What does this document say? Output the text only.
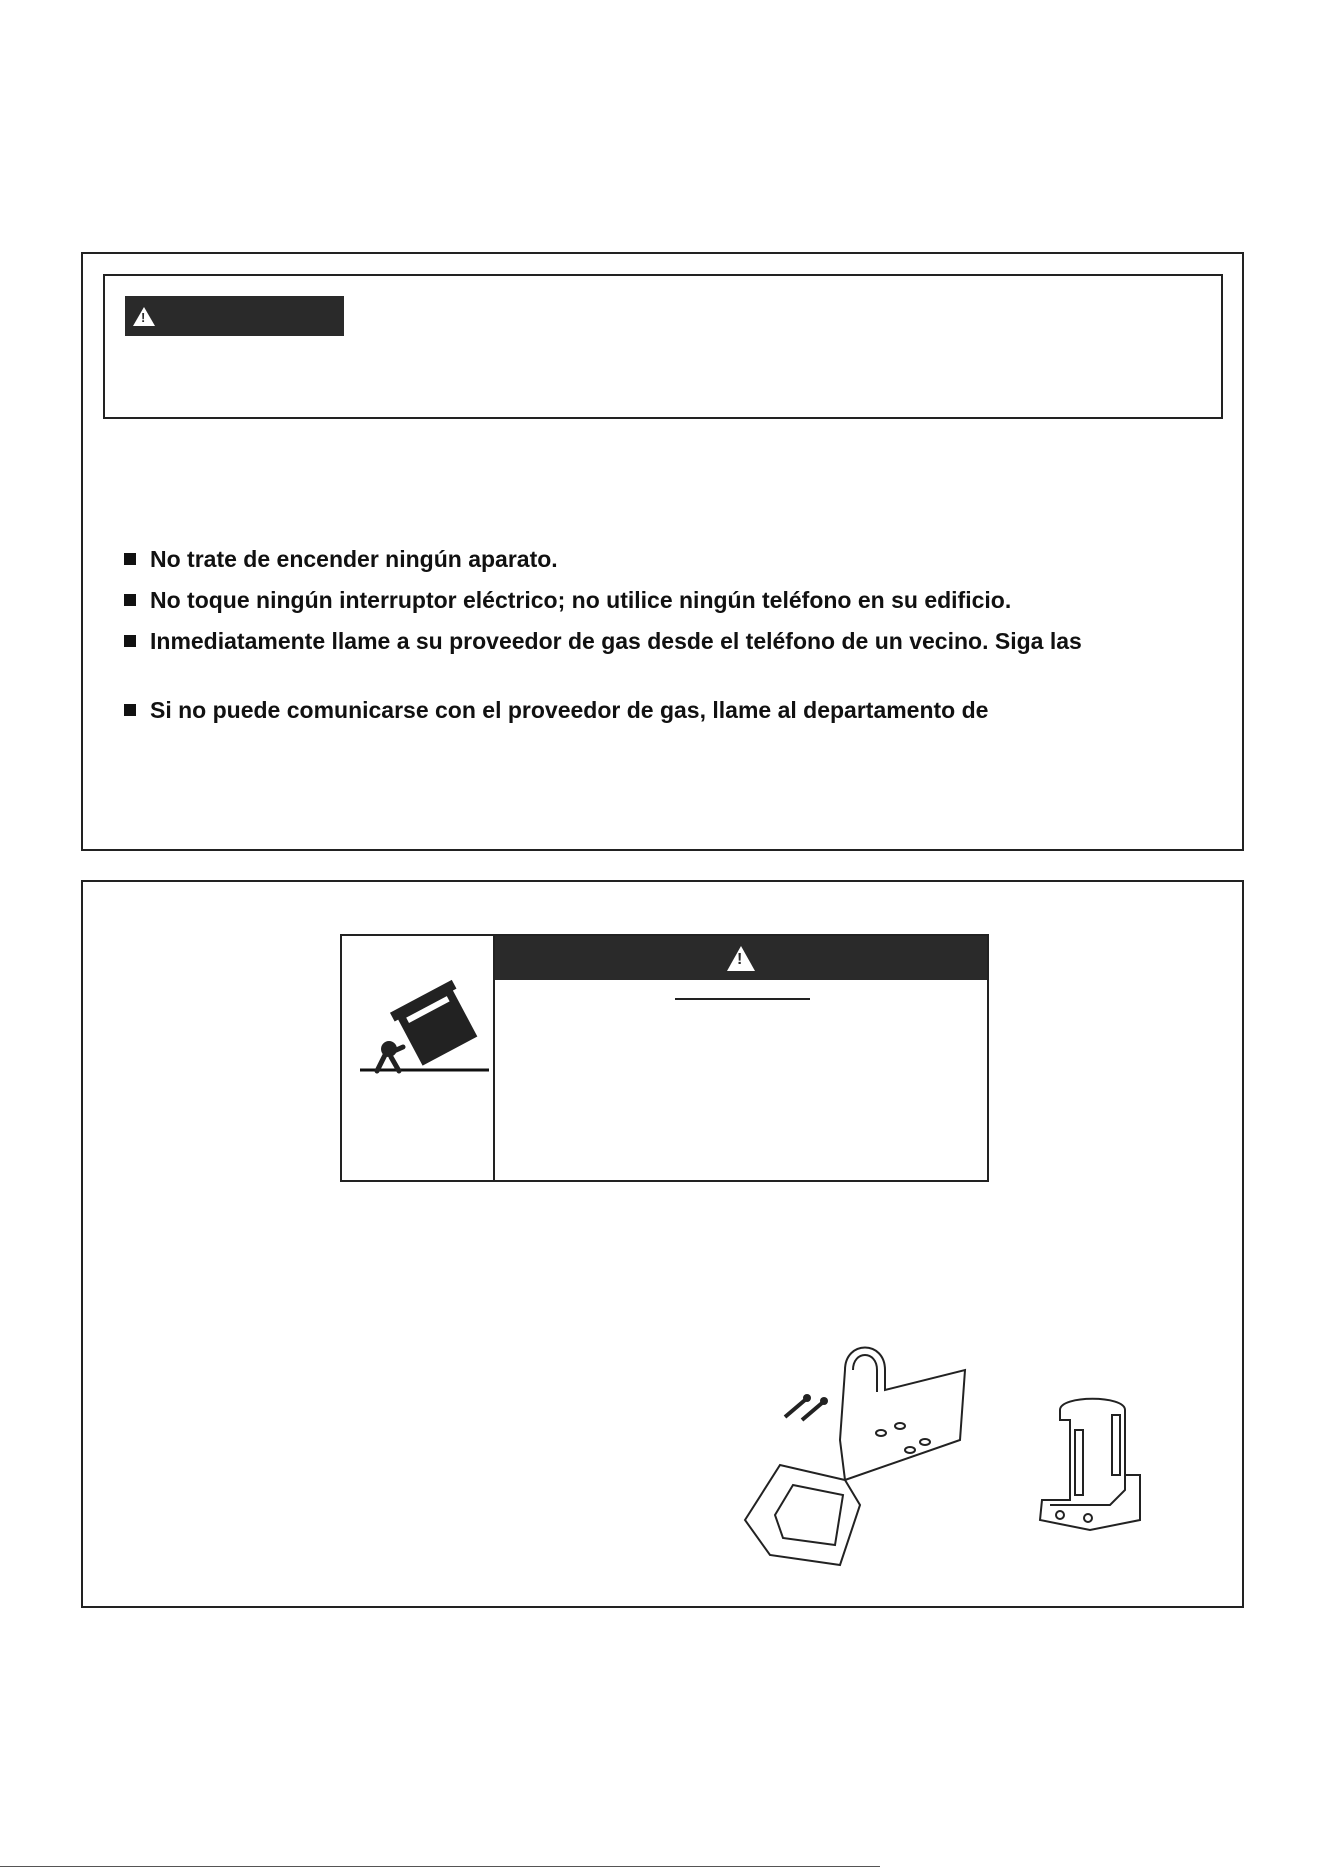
!
No trate de encender ningún aparato.
No toque ningún interruptor eléctrico; no utilice ningún teléfono en su edificio.
Inmediatamente llame a su proveedor de gas desde el teléfono de un vecino. Siga las
Si no puede comunicarse con el proveedor de gas, llame al departamento de
!
